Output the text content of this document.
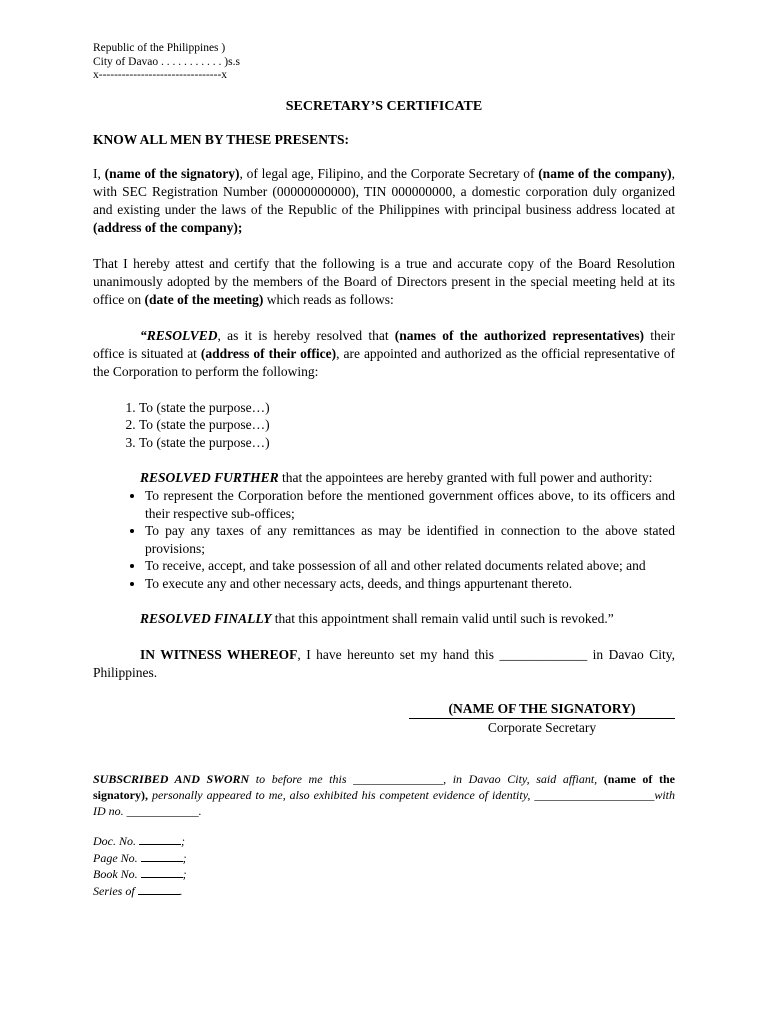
Republic of the Philippines )
City of Davao . . . . . . . . . . . )s.s
x--------------------------------x
SECRETARY’S CERTIFICATE
KNOW ALL MEN BY THESE PRESENTS:

I, (name of the signatory), of legal age, Filipino, and the Corporate Secretary of (name of the company), with SEC Registration Number (00000000000), TIN 000000000, a domestic corporation duly organized and existing under the laws of the Republic of the Philippines with principal business address located at (address of the company);

That I hereby attest and certify that the following is a true and accurate copy of the Board Resolution unanimously adopted by the members of the Board of Directors present in the special meeting held at its office on (date of the meeting) which reads as follows:

“RESOLVED, as it is hereby resolved that (names of the authorized representatives) their office is situated at (address of their office), are appointed and authorized as the official representative of the Corporation to perform the following:

1. To (state the purpose…)
2. To (state the purpose…)
3. To (state the purpose…)

RESOLVED FURTHER that the appointees are hereby granted with full power and authority:

• To represent the Corporation before the mentioned government offices above, to its officers and their respective sub-offices;
• To pay any taxes of any remittances as may be identified in connection to the above stated provisions;
• To receive, accept, and take possession of all and other related documents related above; and
• To execute any and other necessary acts, deeds, and things appurtenant thereto.

RESOLVED FINALLY that this appointment shall remain valid until such is revoked.”

IN WITNESS WHEREOF, I have hereunto set my hand this _____________ in Davao City, Philippines.

(NAME OF THE SIGNATORY)
Corporate Secretary
SUBSCRIBED AND SWORN to before me this _______________, in Davao City, said affiant, (name of the signatory), personally appeared to me, also exhibited his competent evidence of identity, ____________________with ID no. ____________.
Doc. No.	;
Page No.	;
Book No.	;
Series of	.
